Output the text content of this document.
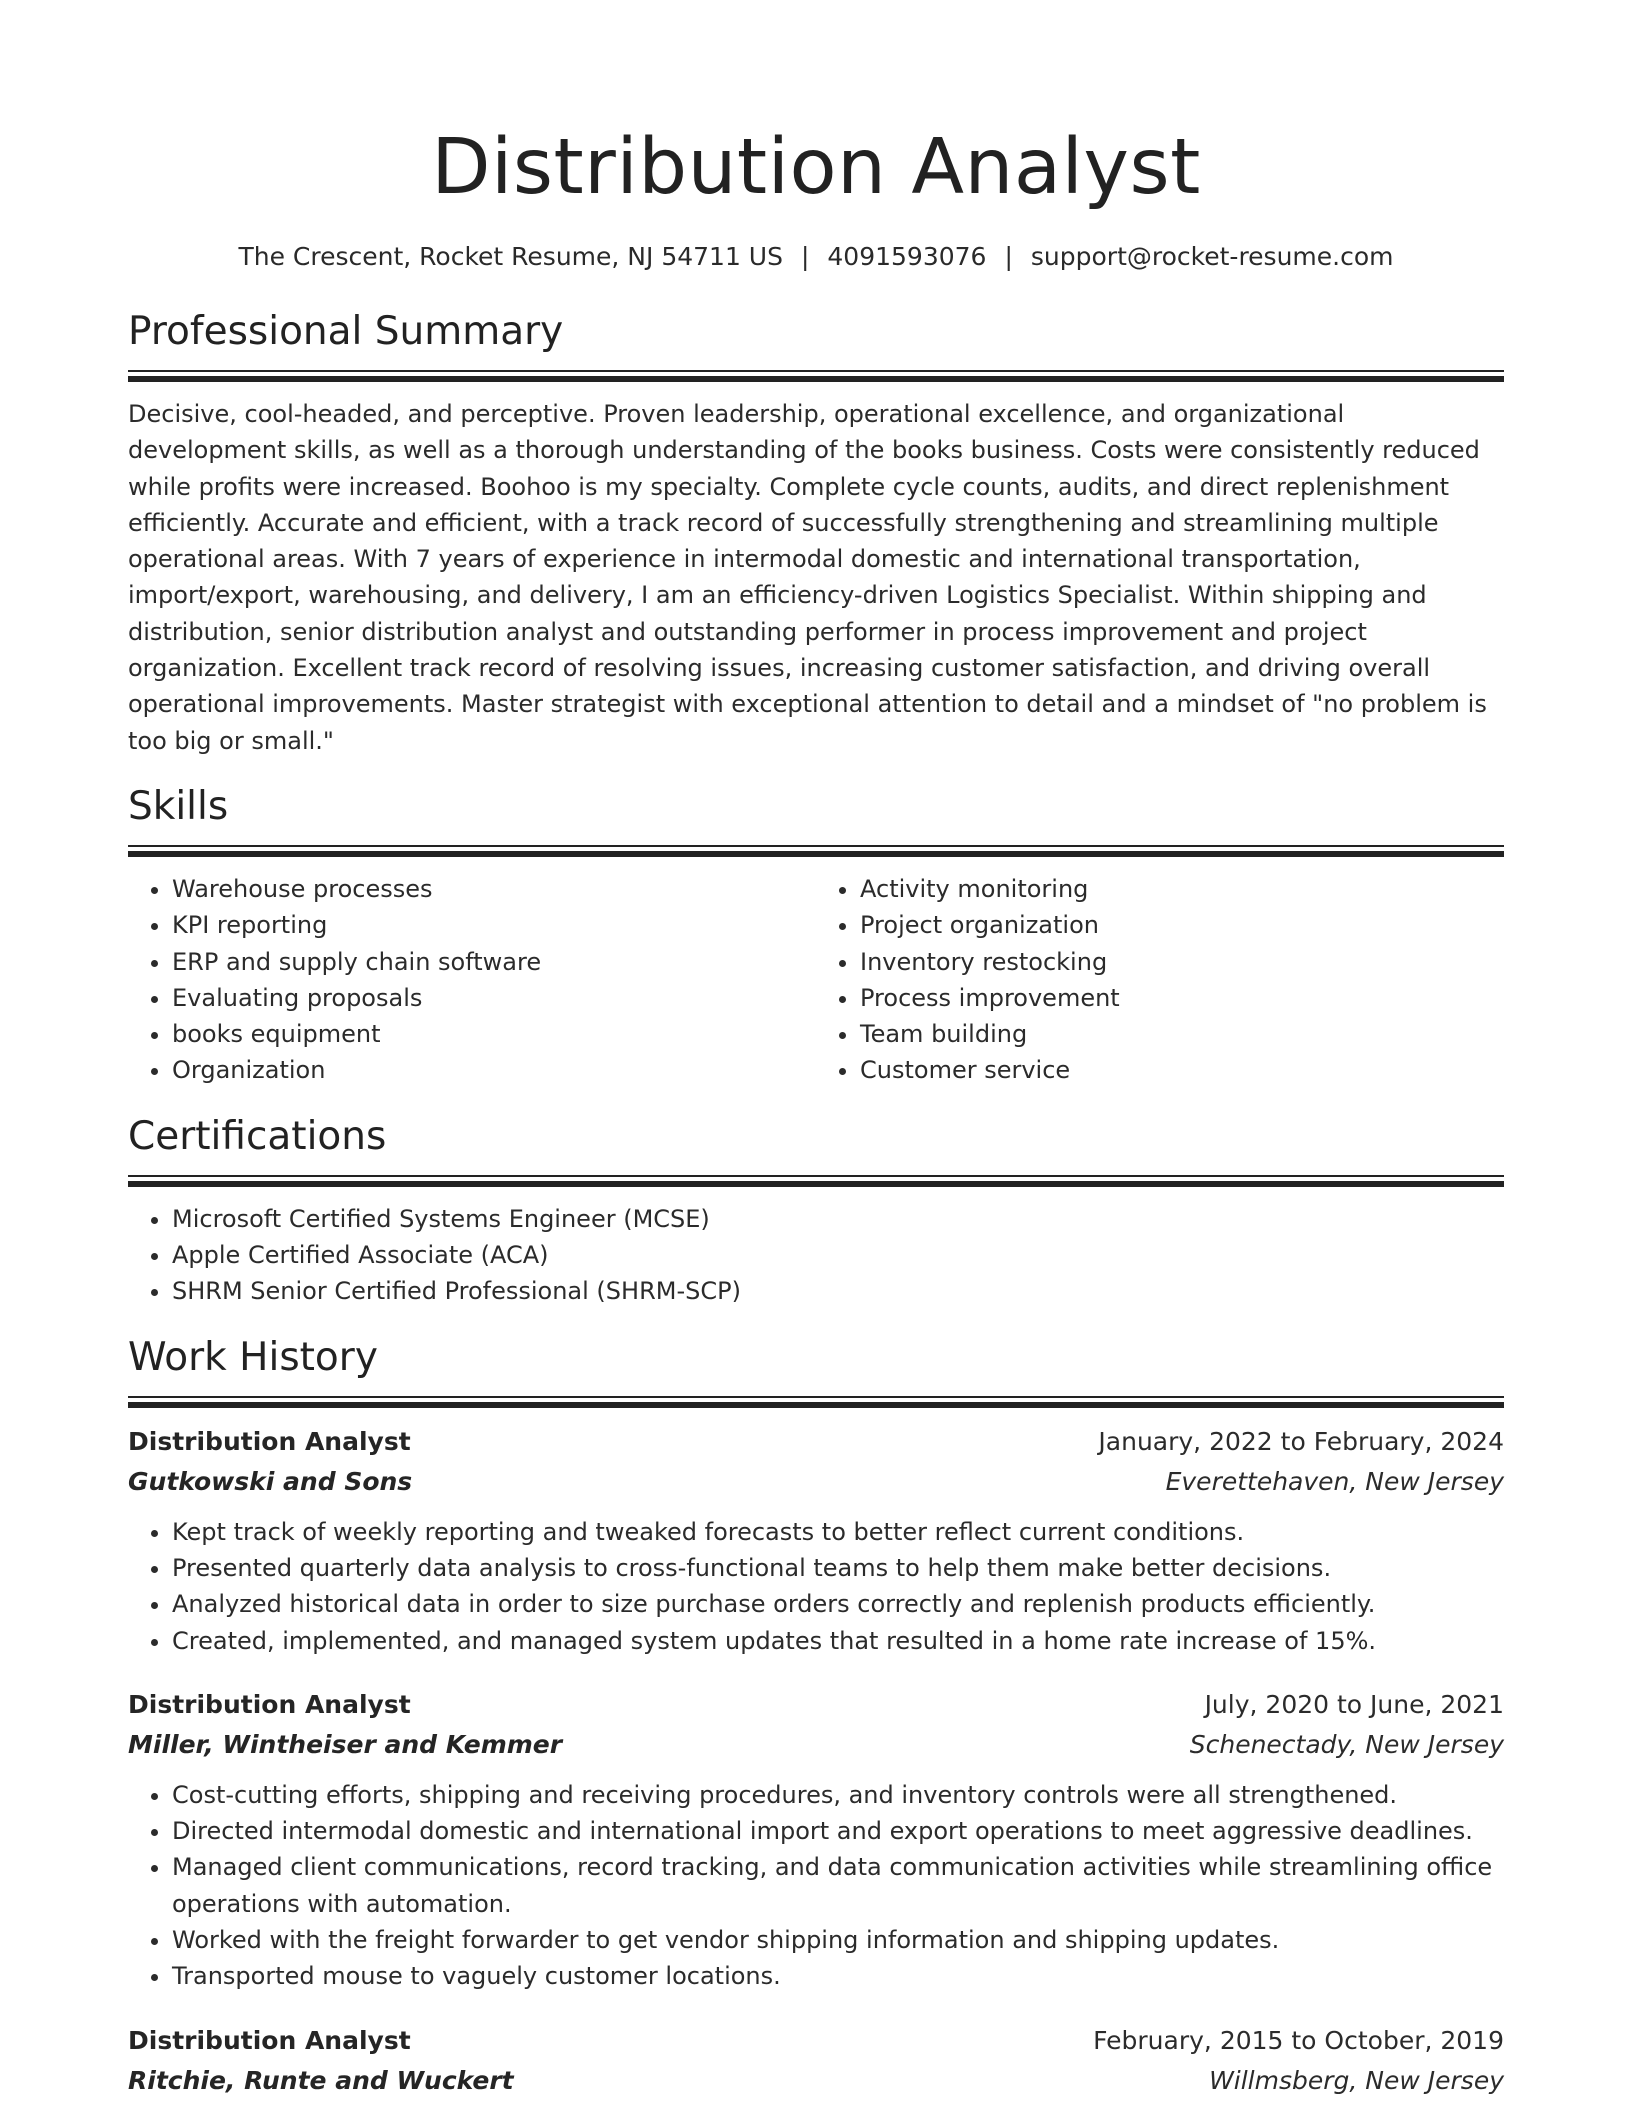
Distribution Analyst
The Crescent, Rocket Resume, NJ 54711 US | 4091593076 | support@rocket-resume.com
Professional Summary
Decisive, cool-headed, and perceptive. Proven leadership, operational excellence, and organizational development skills, as well as a thorough understanding of the books business. Costs were consistently reduced while profits were increased. Boohoo is my specialty. Complete cycle counts, audits, and direct replenishment efficiently. Accurate and efficient, with a track record of successfully strengthening and streamlining multiple operational areas. With 7 years of experience in intermodal domestic and international transportation, import/export, warehousing, and delivery, I am an efficiency-driven Logistics Specialist. Within shipping and distribution, senior distribution analyst and outstanding performer in process improvement and project organization. Excellent track record of resolving issues, increasing customer satisfaction, and driving overall operational improvements. Master strategist with exceptional attention to detail and a mindset of "no problem is too big or small."
Skills
• Warehouse processes
• KPI reporting
• ERP and supply chain software
• Evaluating proposals
• books equipment
• Organization
• Activity monitoring
• Project organization
• Inventory restocking
• Process improvement
• Team building
• Customer service
Certifications
• Microsoft Certified Systems Engineer (MCSE)
• Apple Certified Associate (ACA)
• SHRM Senior Certified Professional (SHRM-SCP)
Work History
Distribution Analyst	January, 2022 to February, 2024
Gutkowski and Sons	Everettehaven, New Jersey
• Kept track of weekly reporting and tweaked forecasts to better reflect current conditions.
• Presented quarterly data analysis to cross-functional teams to help them make better decisions.
• Analyzed historical data in order to size purchase orders correctly and replenish products efficiently.
• Created, implemented, and managed system updates that resulted in a home rate increase of 15%.
Distribution Analyst	July, 2020 to June, 2021
Miller, Wintheiser and Kemmer	Schenectady, New Jersey
• Cost-cutting efforts, shipping and receiving procedures, and inventory controls were all strengthened.
• Directed intermodal domestic and international import and export operations to meet aggressive deadlines.
• Managed client communications, record tracking, and data communication activities while streamlining office operations with automation.
• Worked with the freight forwarder to get vendor shipping information and shipping updates.
• Transported mouse to vaguely customer locations.
Distribution Analyst	February, 2015 to October, 2019
Ritchie, Runte and Wuckert	Willmsberg, New Jersey
